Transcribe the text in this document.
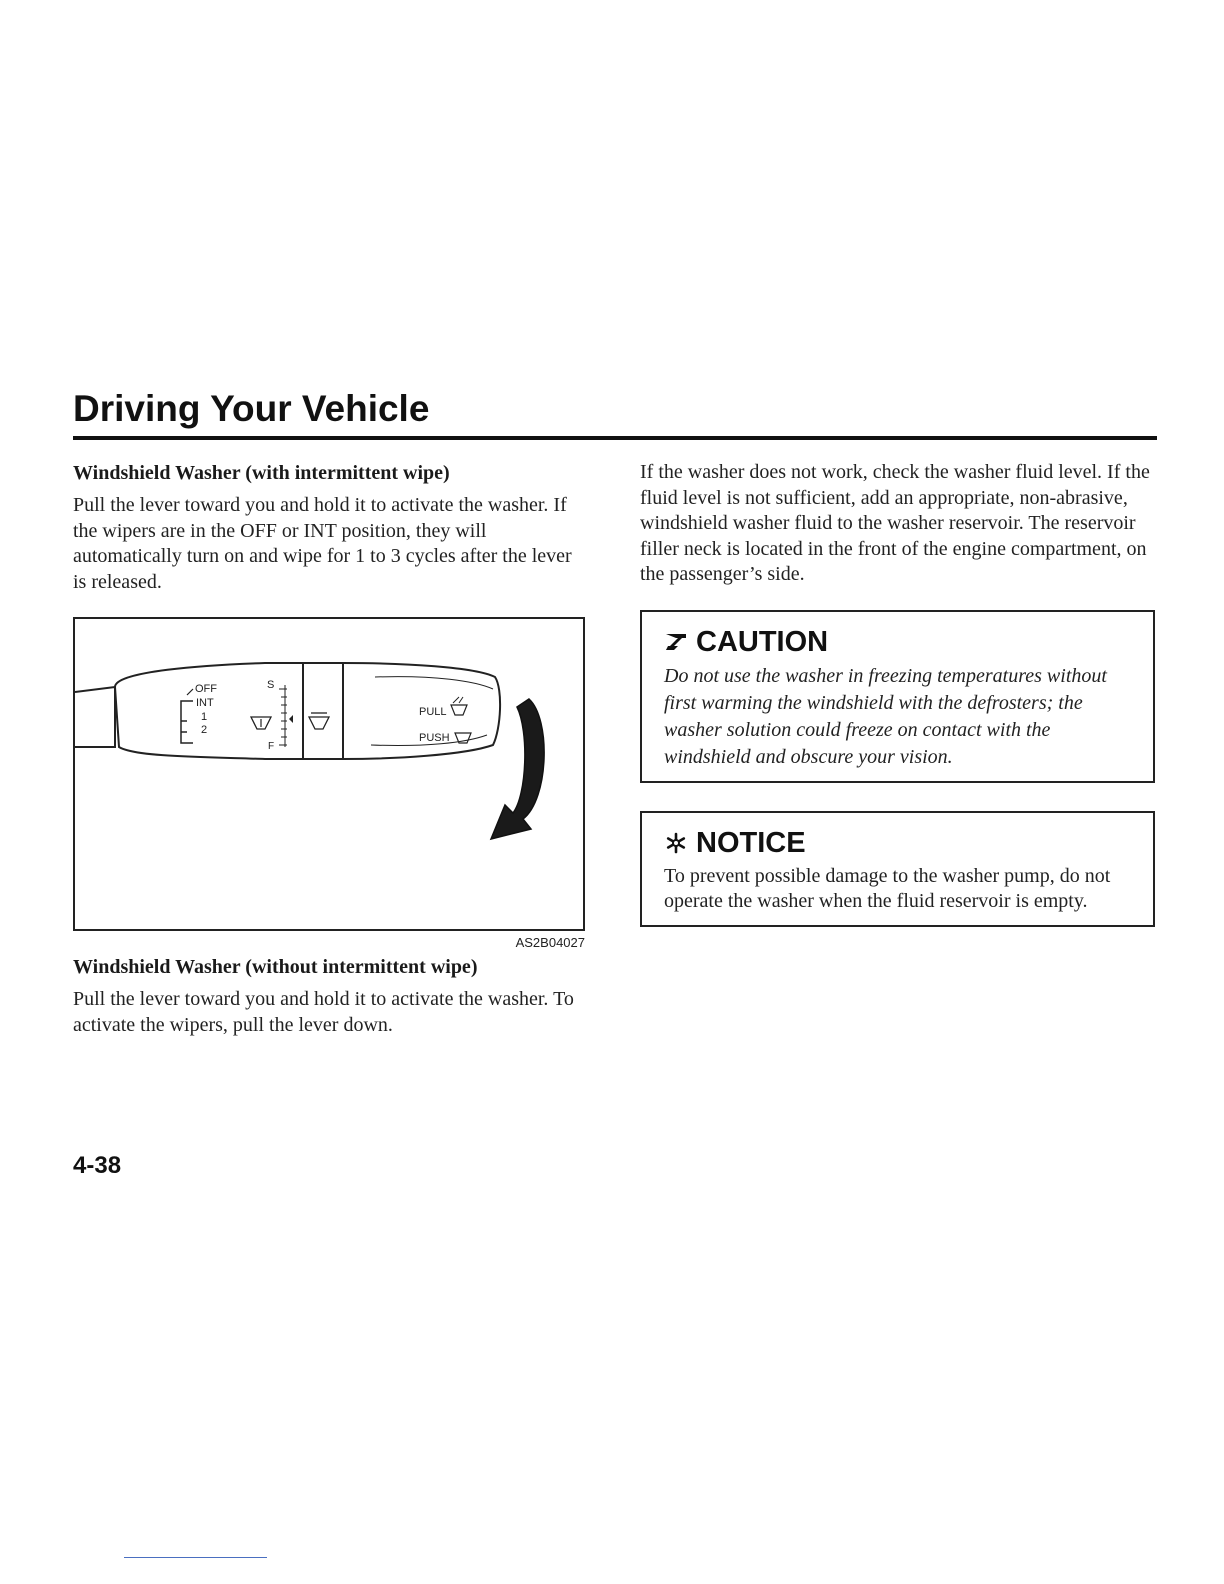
Driving Your Vehicle

Windshield Washer (with intermittent wipe)

Pull the lever toward you and hold it to activate the washer. If the wipers are in the OFF or INT position, they will automatically turn on and wipe for 1 to 3 cycles after the lever is released.

OFF
INT
1
2
S
F
PULL
PUSH

AS2B04027

Windshield Washer (without intermittent wipe)

Pull the lever toward you and hold it to activate the washer. To activate the wipers, pull the lever down.

If the washer does not work, check the washer fluid level. If the fluid level is not sufficient, add an appropriate, non-abrasive, windshield washer fluid to the washer reservoir. The reservoir filler neck is located in the front of the engine compartment, on the passenger’s side.

CAUTION

Do not use the washer in freezing temperatures without first warming the windshield with the defrosters; the washer solution could freeze on contact with the windshield and obscure your vision.

NOTICE

To prevent possible damage to the washer pump, do not operate the washer when the fluid reservoir is empty.

4-38
